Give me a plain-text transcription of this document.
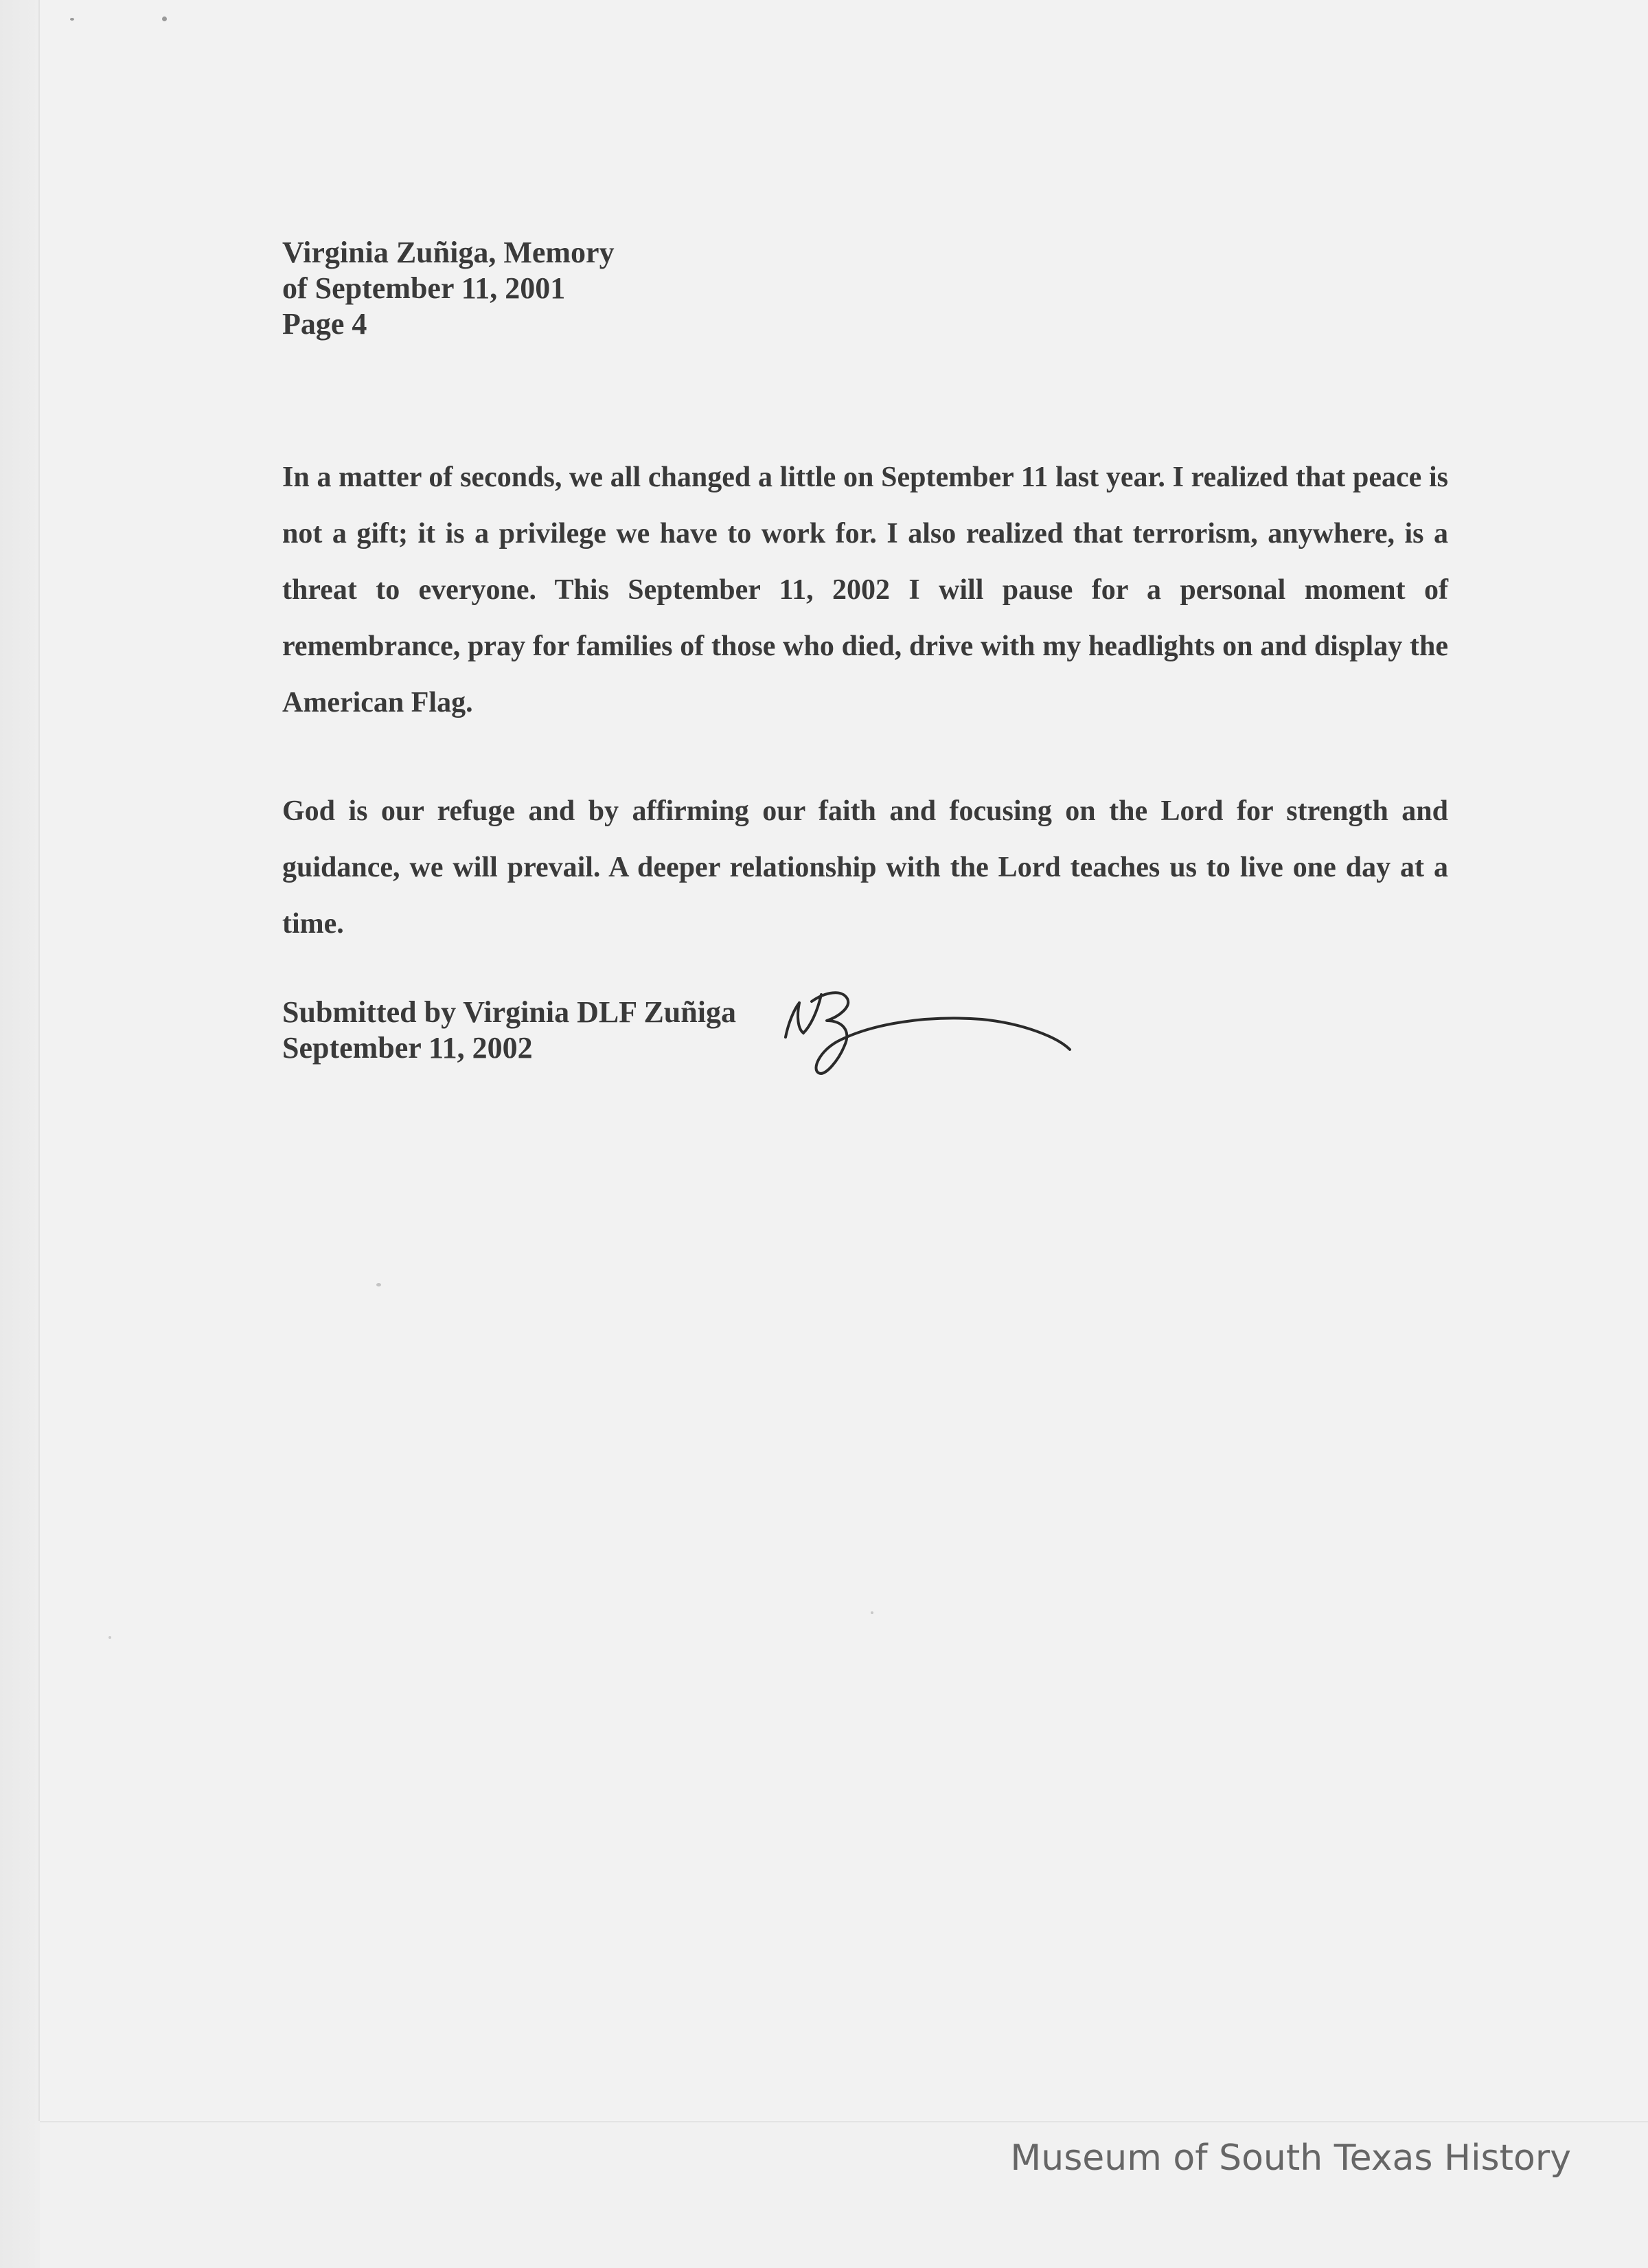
Virginia Zuñiga, Memory
of September 11, 2001
Page 4
In a matter of seconds, we all changed a little on September 11 last year. I realized that peace is not a gift; it is a privilege we have to work for. I also realized that terrorism, anywhere, is a threat to everyone. This September 11, 2002 I will pause for a personal moment of remembrance, pray for families of those who died, drive with my headlights on and display the American Flag.
God is our refuge and by affirming our faith and focusing on the Lord for strength and guidance, we will prevail. A deeper relationship with the Lord teaches us to live one day at a time.
Submitted by Virginia DLF Zuñiga
September 11, 2002
Museum of South Texas History
